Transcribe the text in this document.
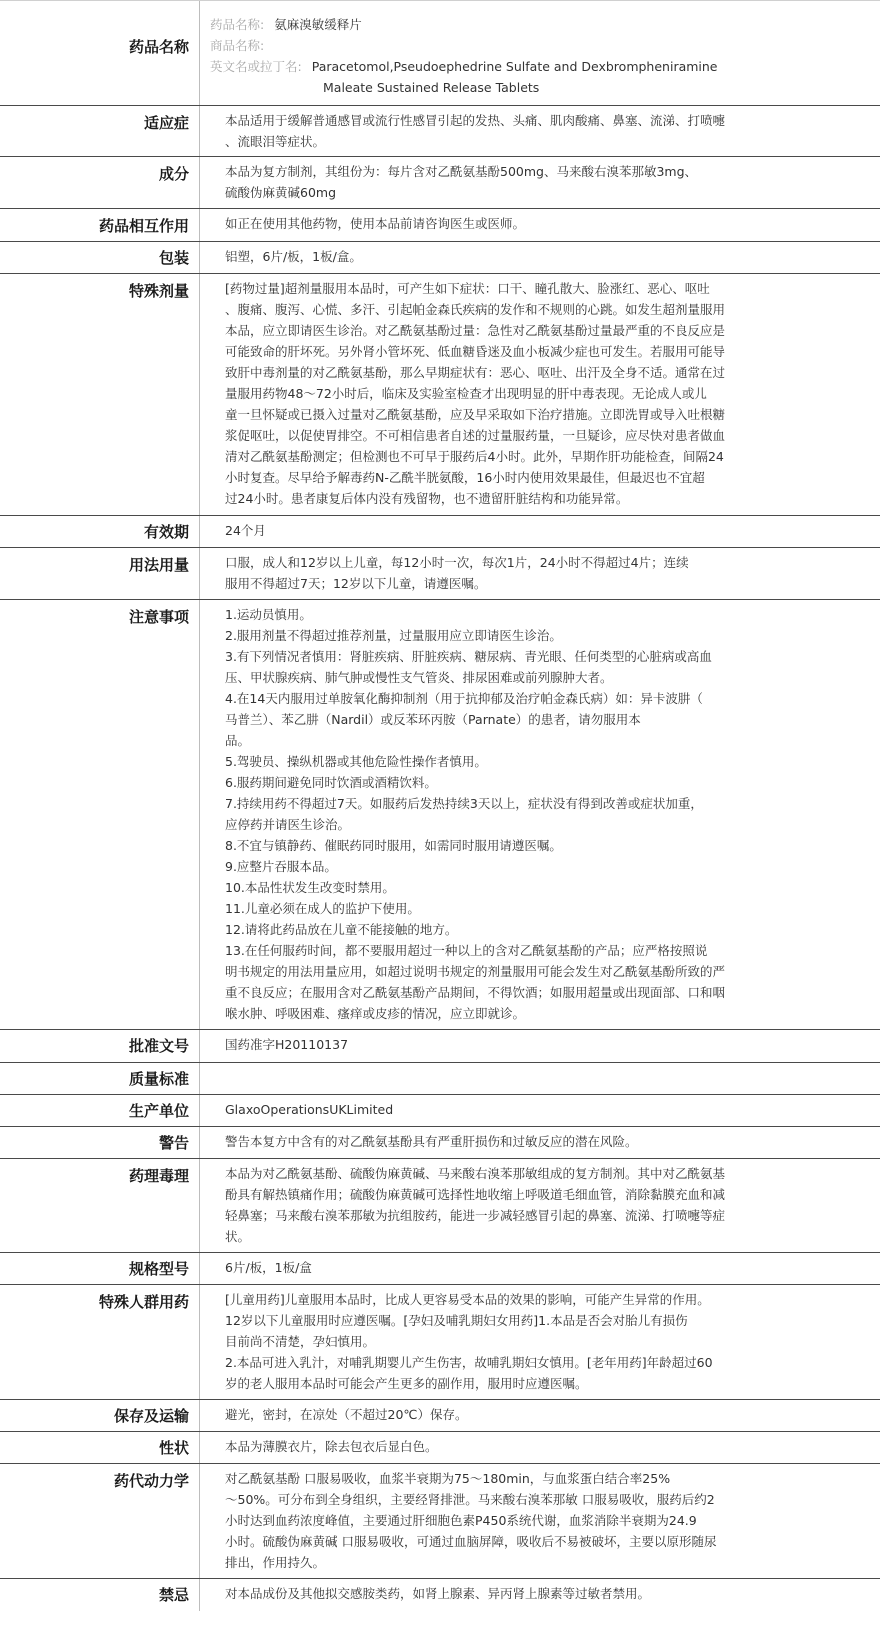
药品名称
药品名称: 氨麻溴敏缓释片
商品名称:
英文名或拉丁名: Paracetomol,Pseudoephedrine Sulfate and Dexbrompheniramine
Maleate Sustained Release Tablets
适应症	本品适用于缓解普通感冒或流行性感冒引起的发热、头痛、肌肉酸痛、鼻塞、流涕、打喷嚏
、流眼泪等症状。
成分	本品为复方制剂，其组份为：每片含对乙酰氨基酚500mg、马来酸右溴苯那敏3mg、
硫酸伪麻黄碱60mg
药品相互作用	如正在使用其他药物，使用本品前请咨询医生或医师。
包装	铝塑，6片/板，1板/盒。
特殊剂量	[药物过量]超剂量服用本品时，可产生如下症状：口干、瞳孔散大、脸涨红、恶心、呕吐
、腹痛、腹泻、心慌、多汗、引起帕金森氏疾病的发作和不规则的心跳。如发生超剂量服用
本品，应立即请医生诊治。对乙酰氨基酚过量：急性对乙酰氨基酚过量最严重的不良反应是
可能致命的肝坏死。另外肾小管坏死、低血糖昏迷及血小板减少症也可发生。若服用可能导
致肝中毒剂量的对乙酰氨基酚，那么早期症状有：恶心、呕吐、出汗及全身不适。通常在过
量服用药物48～72小时后，临床及实验室检查才出现明显的肝中毒表现。无论成人或儿
童一旦怀疑或已摄入过量对乙酰氨基酚，应及早采取如下治疗措施。立即洗胃或导入吐根糖
浆促呕吐，以促使胃排空。不可相信患者自述的过量服药量，一旦疑诊，应尽快对患者做血
清对乙酰氨基酚测定；但检测也不可早于服药后4小时。此外，早期作肝功能检查，间隔24
小时复查。尽早给予解毒药N-乙酰半胱氨酸，16小时内使用效果最佳，但最迟也不宜超
过24小时。患者康复后体内没有残留物，也不遗留肝脏结构和功能异常。
有效期	24个月
用法用量	口服，成人和12岁以上儿童，每12小时一次，每次1片，24小时不得超过4片；连续
服用不得超过7天；12岁以下儿童，请遵医嘱。
注意事项	1.运动员慎用。
2.服用剂量不得超过推荐剂量，过量服用应立即请医生诊治。
3.有下列情况者慎用：肾脏疾病、肝脏疾病、糖尿病、青光眼、任何类型的心脏病或高血
压、甲状腺疾病、肺气肿或慢性支气管炎、排尿困难或前列腺肿大者。
4.在14天内服用过单胺氧化酶抑制剂（用于抗抑郁及治疗帕金森氏病）如：异卡波肼（
马普兰）、苯乙肼（Nardil）或反苯环丙胺（Parnate）的患者，请勿服用本
品。
5.驾驶员、操纵机器或其他危险性操作者慎用。
6.服药期间避免同时饮酒或酒精饮料。
7.持续用药不得超过7天。如服药后发热持续3天以上，症状没有得到改善或症状加重，
应停药并请医生诊治。
8.不宜与镇静药、催眠药同时服用，如需同时服用请遵医嘱。
9.应整片吞服本品。
10.本品性状发生改变时禁用。
11.儿童必须在成人的监护下使用。
12.请将此药品放在儿童不能接触的地方。
13.在任何服药时间，都不要服用超过一种以上的含对乙酰氨基酚的产品；应严格按照说
明书规定的用法用量应用，如超过说明书规定的剂量服用可能会发生对乙酰氨基酚所致的严
重不良反应；在服用含对乙酰氨基酚产品期间，不得饮酒；如服用超量或出现面部、口和咽
喉水肿、呼吸困难、瘙痒或皮疹的情况，应立即就诊。
批准文号	国药准字H20110137
质量标准
生产单位	GlaxoOperationsUKLimited
警告	警告本复方中含有的对乙酰氨基酚具有严重肝损伤和过敏反应的潜在风险。
药理毒理	本品为对乙酰氨基酚、硫酸伪麻黄碱、马来酸右溴苯那敏组成的复方制剂。其中对乙酰氨基
酚具有解热镇痛作用；硫酸伪麻黄碱可选择性地收缩上呼吸道毛细血管，消除黏膜充血和减
轻鼻塞；马来酸右溴苯那敏为抗组胺药，能进一步减轻感冒引起的鼻塞、流涕、打喷嚏等症
状。
规格型号	6片/板，1板/盒
特殊人群用药	[儿童用药]儿童服用本品时，比成人更容易受本品的效果的影响，可能产生异常的作用。
12岁以下儿童服用时应遵医嘱。[孕妇及哺乳期妇女用药]1.本品是否会对胎儿有损伤
目前尚不清楚，孕妇慎用。
2.本品可进入乳汁，对哺乳期婴儿产生伤害，故哺乳期妇女慎用。[老年用药]年龄超过60
岁的老人服用本品时可能会产生更多的副作用，服用时应遵医嘱。
保存及运输	避光，密封，在凉处（不超过20℃）保存。
性状	本品为薄膜衣片，除去包衣后显白色。
药代动力学	对乙酰氨基酚 口服易吸收，血浆半衰期为75～180min，与血浆蛋白结合率25%
～50%。可分布到全身组织，主要经肾排泄。马来酸右溴苯那敏 口服易吸收，服药后约2
小时达到血药浓度峰值，主要通过肝细胞色素P450系统代谢，血浆消除半衰期为24.9
小时。硫酸伪麻黄碱 口服易吸收，可通过血脑屏障，吸收后不易被破坏，主要以原形随尿
排出，作用持久。
禁忌	对本品成份及其他拟交感胺类药，如肾上腺素、异丙肾上腺素等过敏者禁用。
